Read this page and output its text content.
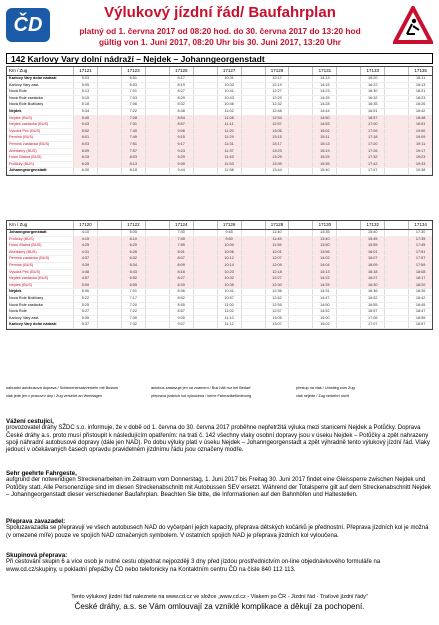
ČD
Výlukový jízdní řád/ Baufahrplan
platný od 1. června 2017 od 08:20 hod. do 30. června 2017 do 13:20 hod
gültig von 1. Juni 2017, 08:20 Uhr bis 30. Juni 2017, 13:20 Uhr
142 Karlovy Vary dolní nádraží – Nejdek – Johanngeorgenstadt
Km / Zug	17121	17123	17125	17127	17129	17131	17133	17135
Karlovy Vary dolní nádraží	5:03	6:51	8:17	10:31	12:17	14:13	16:20	18:11
Karlovy Vary zast.	5:05	6:53	8:19	10:33	12:19	14:15	16:22	18:13
Nová Role	5:13	7:01	8:27	10:41	12:27	14:23	16:30	18:21
Nová Role zastávka	5:15	7:03	8:29	10:43	12:29	14:25	16:32	18:23
Nová Role Božičany	5:18	7:06	8:32	10:46	12:32	14:28	16:35	18:26
Nejdek	5:34	7:22	8:48	11:02	12:48	14:44	16:51	18:42
Nejdek (BUS)	5:40	7:28	8:54	11:08	12:54	14:50	16:57	18:48
Nejdek zastávka (BUS)	5:43	7:31	8:57	11:11	12:57	14:53	17:00	18:51
Vysoká Pec (BUS)	5:52	7:40	9:06	11:20	13:06	15:02	17:09	19:00
Pernink (BUS)	6:01	7:49	9:15	11:29	13:15	15:11	17:18	19:09
Pernink zastávka (BUS)	6:03	7:51	9:17	11:31	13:17	15:13	17:20	19:11
Abertamy (BUS)	6:09	7:57	9:23	11:37	13:23	15:19	17:26	19:17
Horní Blatná (BUS)	6:15	8:03	9:29	11:43	13:29	15:25	17:32	19:23
Potůčky (BUS)	6:25	8:13	9:39	11:53	13:39	15:35	17:42	19:33
Johanngeorgenstadt	6:30	8:18	9:44	11:58	13:44	15:40	17:47	19:38
Km / Zug	17120	17122	17124	17126	17128	17130	17132	17134
Johanngeorgenstadt	4:10	6:05	7:40	9:45	11:40	13:35	15:40	17:30
Potůčky (BUS)	4:15	6:10	7:45	9:50	11:45	13:40	15:45	17:35
Horní Blatná (BUS)	4:25	6:20	7:55	10:00	11:55	13:50	15:55	17:45
Abertamy (BUS)	4:31	6:26	8:01	10:06	12:01	13:56	16:01	17:51
Pernink zastávka (BUS)	4:37	6:32	8:07	10:12	12:07	14:02	16:07	17:57
Pernink (BUS)	4:39	6:34	8:09	10:14	12:09	14:04	16:09	17:59
Vysoká Pec (BUS)	4:48	6:43	8:18	10:23	12:18	14:13	16:18	18:08
Nejdek zastávka (BUS)	4:57	6:52	8:27	10:32	12:27	14:22	16:27	18:17
Nejdek (BUS)	5:00	6:55	8:30	10:35	12:30	14:25	16:30	18:20
Nejdek	5:06	7:01	8:36	10:41	12:36	14:31	16:36	18:26
Nová Role Božičany	5:22	7:17	8:52	10:57	12:52	14:47	16:52	18:42
Nová Role zastávka	5:25	7:20	8:55	11:00	12:55	14:50	16:55	18:45
Nová Role	5:27	7:22	8:57	11:02	12:57	14:52	16:57	18:47
Karlovy Vary zast.	5:35	7:30	9:05	11:10	13:05	15:00	17:05	18:55
Karlovy Vary dolní nádraží	5:37	7:32	9:07	11:12	13:07	15:02	17:07	18:57
náhradní autobusová doprava / Schienenersatzverkehr mit Bussen
vlak jede jen v pracovní dny / Zug verkehrt an Werktagen
autobus zastavuje jen na znamení / Bus hält nur bei Bedarf
přeprava jízdních kol vyloučena / keine Fahrradbeförderung
přestup na vlak / Umstieg zum Zug
vlak nejede / Zug verkehrt nicht
Vážení cestující,
provozovatel dráhy SŽDC s.o. informuje, že v době od 1. června do 30. června 2017 proběhne nepřetržitá výluka mezi stanicemi Nejdek a Potůčky. Doprava České dráhy a.s. proto musí přistoupit k následujícím opatřením: na trati č. 142 všechny vlaky osobní dopravy jsou v úseku Nejdek – Potůčky a zpět nahrazeny spoji náhradní autobusové dopravy (dále jen NAD). Po dobu výluky platí v úseku Nejdek – Johanngeorgenstadt a zpět výhradně tento výlukový jízdní řád. Vlaky jedoucí v očekávaných časech opravdu pravidelném jízdnímu řádu jsou označeny modře.
Sehr geehrte Fahrgeste,
aufgrund der notwendigen Streckenarbeiten im Zeitraum vom Donnerstag, 1. Juni 2017 bis Freitag 30. Juni 2017 findet eine Gleissperre zwischen Nejdek und Potůčky statt. Alle Personenzüge sind im diesen Streckenabschnitt mit Autobussen SEV ersetzt. Während der Totalsperre gilt auf dem Streckenabschnitt Nejdek – Johanngeorgenstadt dieser verschiedener Baufahrplan. Beachten Sie bitte, die Informationen auf den Bahnhöfen und Haltestellen.
Přeprava zavazadel:
Spoluzavazadla se přepravují ve všech autobusech NAD do vyčerpání jejich kapacity, přeprava dětských kočárků je přednostní. Přeprava jízdních kol je možná (v omezené míře) pouze ve spojích NAD označených symbolem. V ostatních spojích NAD je přeprava jízdních kol vyloučena.
Skupinová přeprava:
Při cestování skupin 6 a více osob je nutné cestu objednat nejpozději 3 dny před jízdou prostřednictvím on-line objednávkového formuláře na www.cd.cz/skupiny, u pokladní přepážky ČD nebo telefonicky na Kontaktním centru ČD na čísle 840 112 113.
Tento výlukový jízdní řád naleznete na www.cd.cz ve složce „www.cd.cz - Vlakem po ČR - Jízdní řád - Traťové jízdní řády"
České dráhy, a.s. se Vám omlouvají za vzniklé komplikace a děkují za pochopení.
